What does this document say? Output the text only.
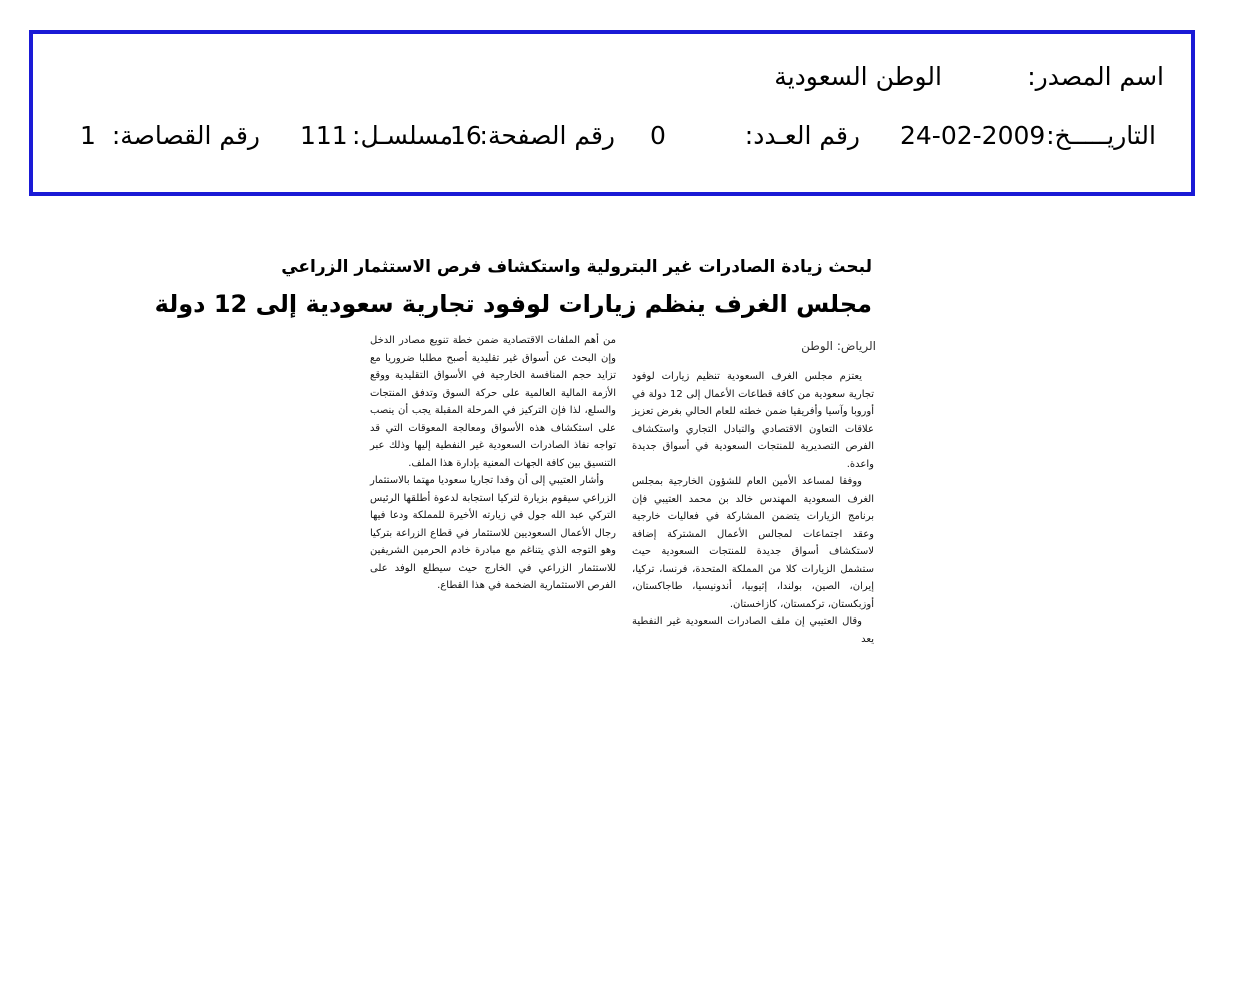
اسم المصدر:
الوطن السعودية
التاريـــــخ:
24-02-2009
رقم العـدد:
0
رقم الصفحة:
16
مسلسـل:
111
رقم القصاصة:
1
لبحث زيادة الصادرات غير البترولية واستكشاف فرص الاستثمار الزراعي
مجلس الغرف ينظم زيارات لوفود تجارية سعودية إلى 12 دولة
الرياض: الوطن

يعتزم مجلس الغرف السعودية تنظيم زيارات لوفود تجارية سعودية من كافة قطاعات الأعمال إلى 12 دولة في أوروبا وآسيا وأفريقيا ضمن خطته للعام الحالي بغرض تعزيز علاقات التعاون الاقتصادي والتبادل التجاري واستكشاف الفرص التصديرية للمنتجات السعودية في أسواق جديدة واعدة.

ووفقا لمساعد الأمين العام للشؤون الخارجية بمجلس الغرف السعودية المهندس خالد بن محمد العتيبي فإن برنامج الزيارات يتضمن المشاركة في فعاليات خارجية وعقد اجتماعات لمجالس الأعمال المشتركة إضافة لاستكشاف أسواق جديدة للمنتجات السعودية حيث ستشمل الزيارات كلا من المملكة المتحدة، فرنسا، تركيا، إيران، الصين، بولندا، إثيوبيا، أندونيسيا، طاجاكستان، أوزبكستان، تركمستان، كازاخستان.

وقال العتيبي إن ملف الصادرات السعودية غير النفطية يعد

من أهم الملفات الاقتصادية ضمن خطة تنويع مصادر الدخل وإن البحث عن أسواق غير تقليدية أصبح مطلبا ضروريا مع تزايد حجم المنافسة الخارجية في الأسواق التقليدية ووقع الأزمة المالية العالمية على حركة السوق وتدفق المنتجات والسلع، لذا فإن التركيز في المرحلة المقبلة يجب أن ينصب على استكشاف هذه الأسواق ومعالجة المعوقات التي قد تواجه نفاذ الصادرات السعودية غير النفطية إليها وذلك عبر التنسيق بين كافة الجهات المعنية بإدارة هذا الملف.

وأشار العتيبي إلى أن وفدا تجاريا سعوديا مهتما بالاستثمار الزراعي سيقوم بزيارة لتركيا استجابة لدعوة أطلقها الرئيس التركي عبد الله جول في زيارته الأخيرة للمملكة ودعا فيها رجال الأعمال السعوديين للاستثمار في قطاع الزراعة بتركيا وهو التوجه الذي يتناغم مع مبادرة خادم الحرمين الشريفين للاستثمار الزراعي في الخارج حيث سيطلع الوفد على الفرص الاستثمارية الضخمة في هذا القطاع.
